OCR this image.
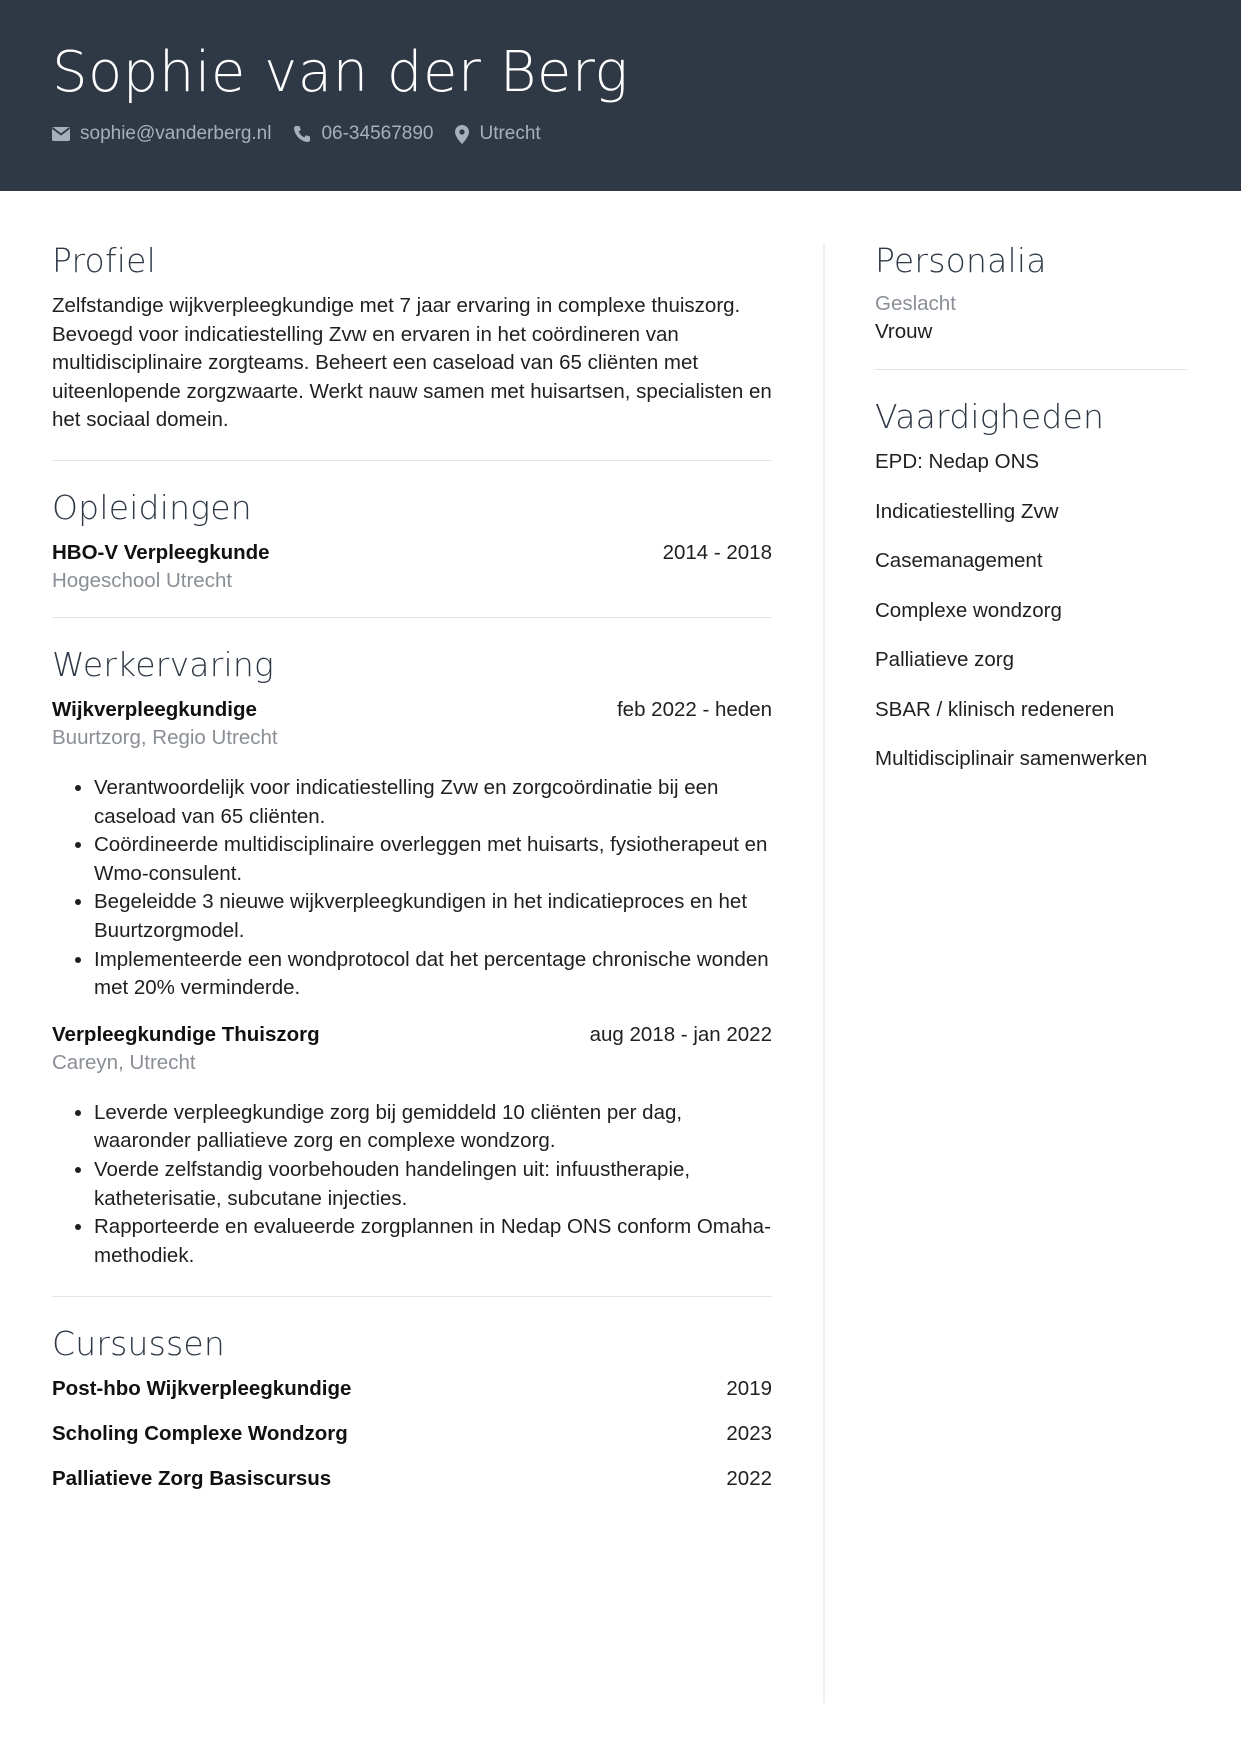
Sophie van der Berg
sophie@vanderberg.nl	06-34567890 Utrecht
Profiel
Zelfstandige wijkverpleegkundige met 7 jaar ervaring in complexe thuiszorg. Bevoegd voor indicatiestelling Zvw en ervaren in het coördineren van multidisciplinaire zorgteams. Beheert een caseload van 65 cliënten met uiteenlopende zorgzwaarte. Werkt nauw samen met huisartsen, specialisten en het sociaal domein.
Opleidingen
HBO-V Verpleegkunde	2014 - 2018
Hogeschool Utrecht
Werkervaring
Wijkverpleegkundige	feb 2022 - heden
Buurtzorg, Regio Utrecht
• Verantwoordelijk voor indicatiestelling Zvw en zorgcoördinatie bij een caseload van 65 cliënten.
• Coördineerde multidisciplinaire overleggen met huisarts, fysiotherapeut en Wmo-consulent.
• Begeleidde 3 nieuwe wijkverpleegkundigen in het indicatieproces en het Buurtzorgmodel.
• Implementeerde een wondprotocol dat het percentage chronische wonden met 20% verminderde.
Verpleegkundige Thuiszorg	aug 2018 - jan 2022
Careyn, Utrecht
• Leverde verpleegkundige zorg bij gemiddeld 10 cliënten per dag, waaronder palliatieve zorg en complexe wondzorg.
• Voerde zelfstandig voorbehouden handelingen uit: infuustherapie, katheterisatie, subcutane injecties.
• Rapporteerde en evalueerde zorgplannen in Nedap ONS conform Omaha-methodiek.
Cursussen
Post-hbo Wijkverpleegkundige	2019
Scholing Complexe Wondzorg	2023
Palliatieve Zorg Basiscursus	2022
Personalia
Geslacht
Vrouw
Vaardigheden
EPD: Nedap ONS
Indicatiestelling Zvw
Casemanagement
Complexe wondzorg
Palliatieve zorg
SBAR / klinisch redeneren
Multidisciplinair samenwerken
